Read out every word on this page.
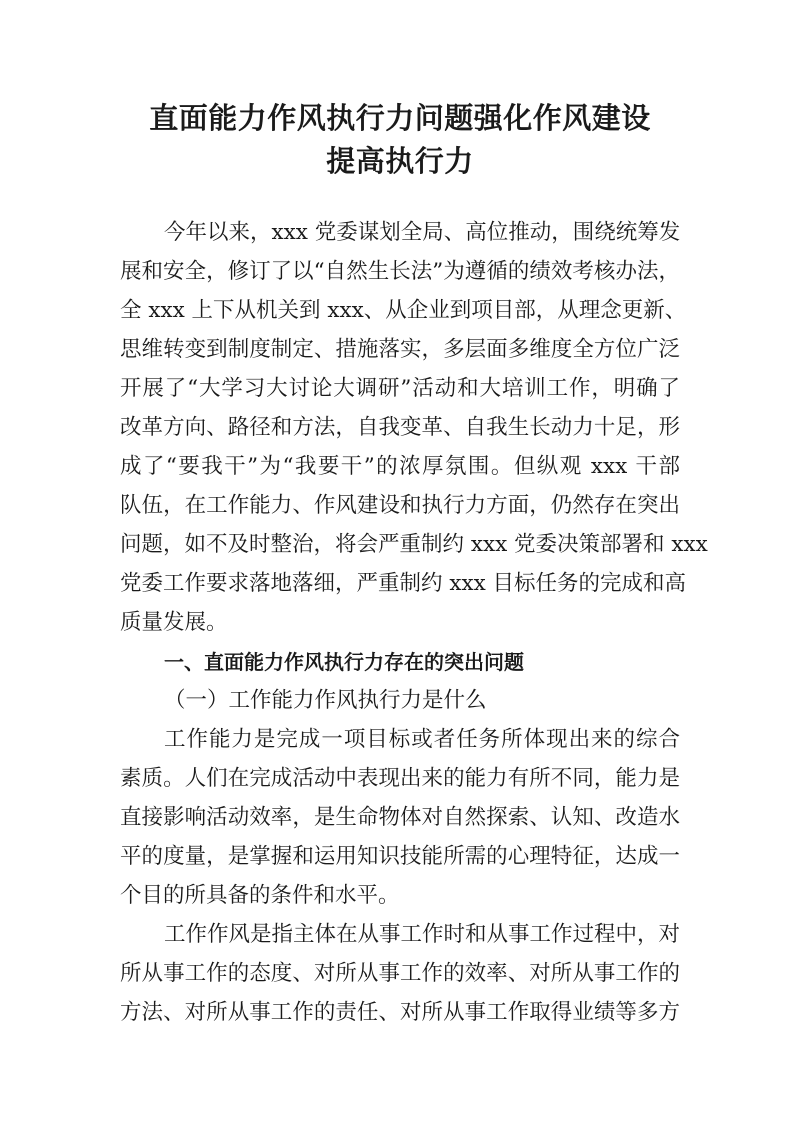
直面能力作风执行力问题强化作风建设
提高执行力
今年以来，xxx 党委谋划全局、高位推动，围绕统筹发
展和安全，修订了以“自然生长法”为遵循的绩效考核办法，
全 xxx 上下从机关到 xxx、从企业到项目部，从理念更新、
思维转变到制度制定、措施落实，多层面多维度全方位广泛
开展了“大学习大讨论大调研”活动和大培训工作，明确了
改革方向、路径和方法，自我变革、自我生长动力十足，形
成了“要我干”为“我要干”的浓厚氛围。但纵观 xxx 干部
队伍，在工作能力、作风建设和执行力方面，仍然存在突出
问题，如不及时整治，将会严重制约 xxx 党委决策部署和 xxx
党委工作要求落地落细，严重制约 xxx 目标任务的完成和高
质量发展。
一、直面能力作风执行力存在的突出问题
（一）工作能力作风执行力是什么
工作能力是完成一项目标或者任务所体现出来的综合
素质。人们在完成活动中表现出来的能力有所不同，能力是
直接影响活动效率，是生命物体对自然探索、认知、改造水
平的度量，是掌握和运用知识技能所需的心理特征，达成一
个目的所具备的条件和水平。
工作作风是指主体在从事工作时和从事工作过程中，对
所从事工作的态度、对所从事工作的效率、对所从事工作的
方法、对所从事工作的责任、对所从事工作取得业绩等多方
